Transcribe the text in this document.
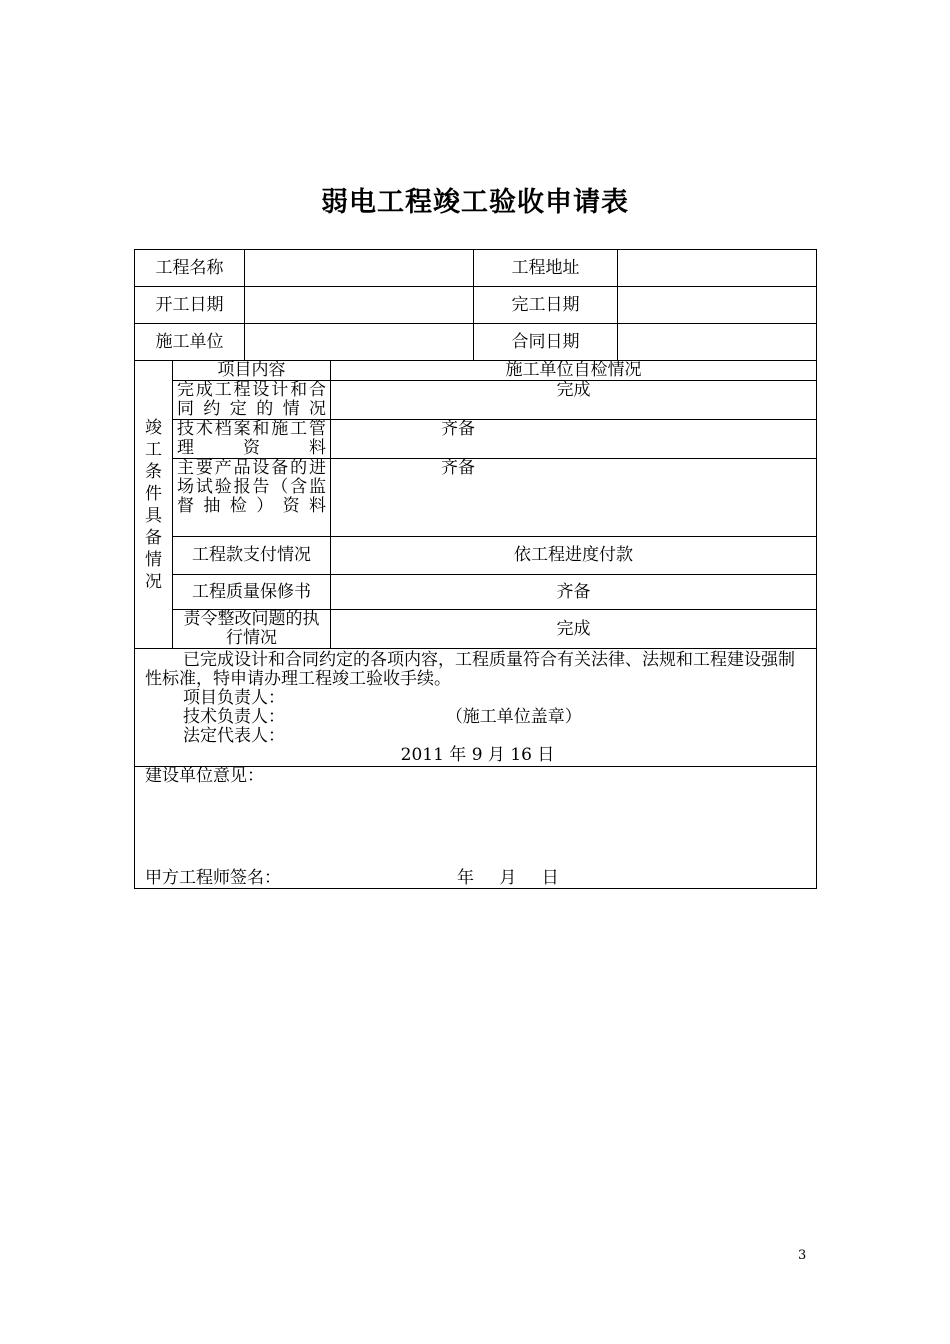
弱电工程竣工验收申请表
工程名称				工程地址	
开工日期				完工日期	
施工单位				合同日期	

竣工条件具备情况	项目内容		施工单位自检情况		
	完成工程设计和合同约定的情况		完成		
	技术档案和施工管理资料		齐备		
	主要产品设备的进场试验报告（含监督抽检）资料		齐备		
	工程款支付情况		依工程进度付款		
	工程质量保修书		齐备		
	责令整改问题的执行情况		完成		

已完成设计和合同约定的各项内容，工程质量符合有关法律、法规和工程建设强制性标准，特申请办理工程竣工验收手续。
项目负责人：
技术负责人： （施工单位盖章）
法定代表人：
2011 年 9 月 16 日					

建设单位意见：
甲方工程师签名： 年 月 日					
3
